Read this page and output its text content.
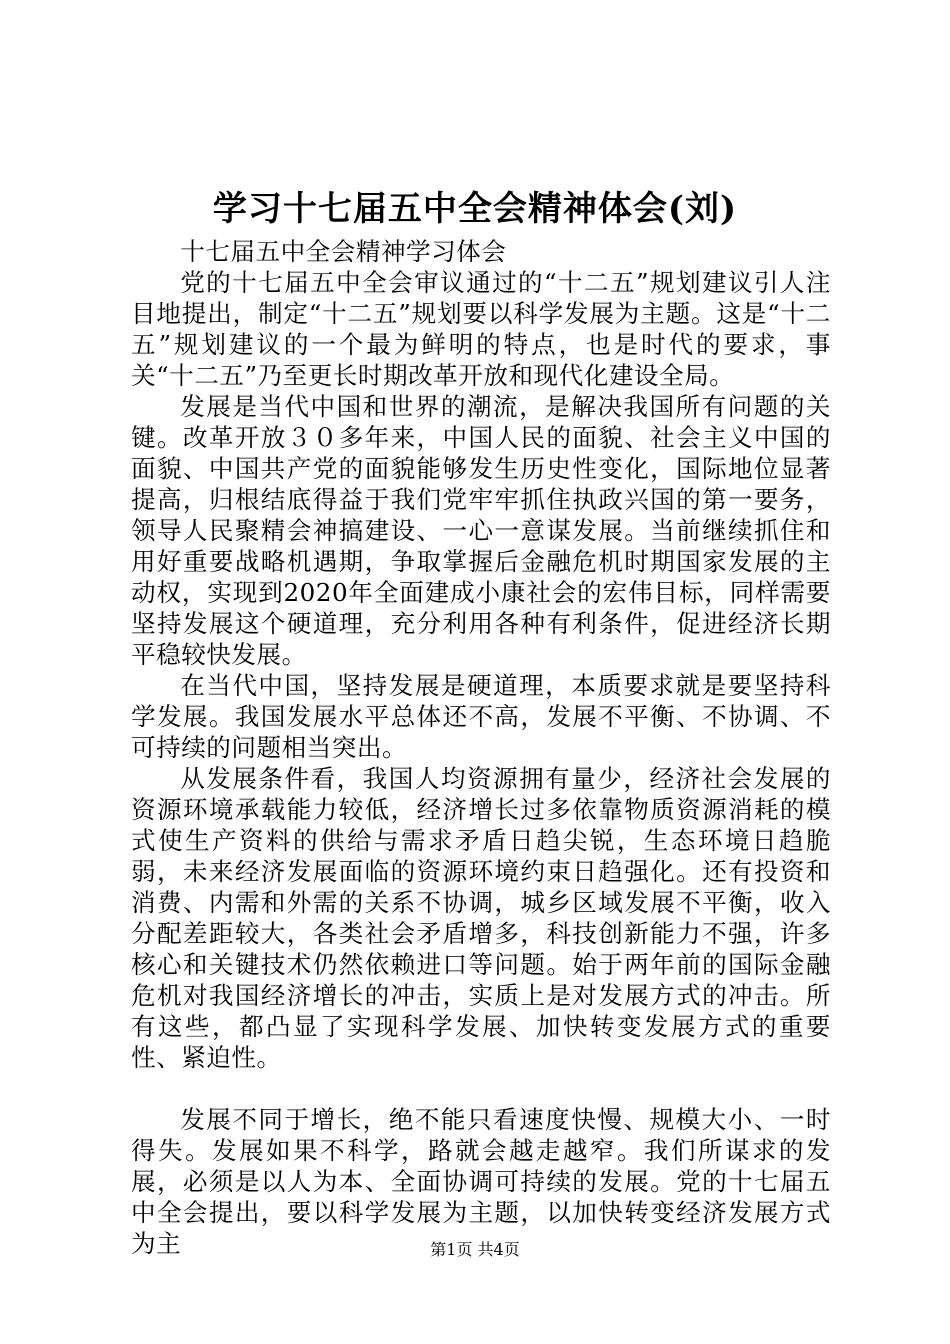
学习十七届五中全会精神体会(刘)

十七届五中全会精神学习体会

党的十七届五中全会审议通过的“十二五”规划建议引人注目地提出，制定“十二五”规划要以科学发展为主题。这是“十二五”规划建议的一个最为鲜明的特点，也是时代的要求，事关“十二五”乃至更长时期改革开放和现代化建设全局。

发展是当代中国和世界的潮流，是解决我国所有问题的关键。改革开放３０多年来，中国人民的面貌、社会主义中国的面貌、中国共产党的面貌能够发生历史性变化，国际地位显著提高，归根结底得益于我们党牢牢抓住执政兴国的第一要务，领导人民聚精会神搞建设、一心一意谋发展。当前继续抓住和用好重要战略机遇期，争取掌握后金融危机时期国家发展的主动权，实现到2020年全面建成小康社会的宏伟目标，同样需要坚持发展这个硬道理，充分利用各种有利条件，促进经济长期平稳较快发展。

在当代中国，坚持发展是硬道理，本质要求就是要坚持科学发展。我国发展水平总体还不高，发展不平衡、不协调、不可持续的问题相当突出。

从发展条件看，我国人均资源拥有量少，经济社会发展的资源环境承载能力较低，经济增长过多依靠物质资源消耗的模式使生产资料的供给与需求矛盾日趋尖锐，生态环境日趋脆弱，未来经济发展面临的资源环境约束日趋强化。还有投资和消费、内需和外需的关系不协调，城乡区域发展不平衡，收入分配差距较大，各类社会矛盾增多，科技创新能力不强，许多核心和关键技术仍然依赖进口等问题。始于两年前的国际金融危机对我国经济增长的冲击，实质上是对发展方式的冲击。所有这些，都凸显了实现科学发展、加快转变发展方式的重要性、紧迫性。

发展不同于增长，绝不能只看速度快慢、规模大小、一时得失。发展如果不科学，路就会越走越窄。我们所谋求的发展，必须是以人为本、全面协调可持续的发展。党的十七届五中全会提出，要以科学发展为主题，以加快转变经济发展方式为主	第1页 共4页
